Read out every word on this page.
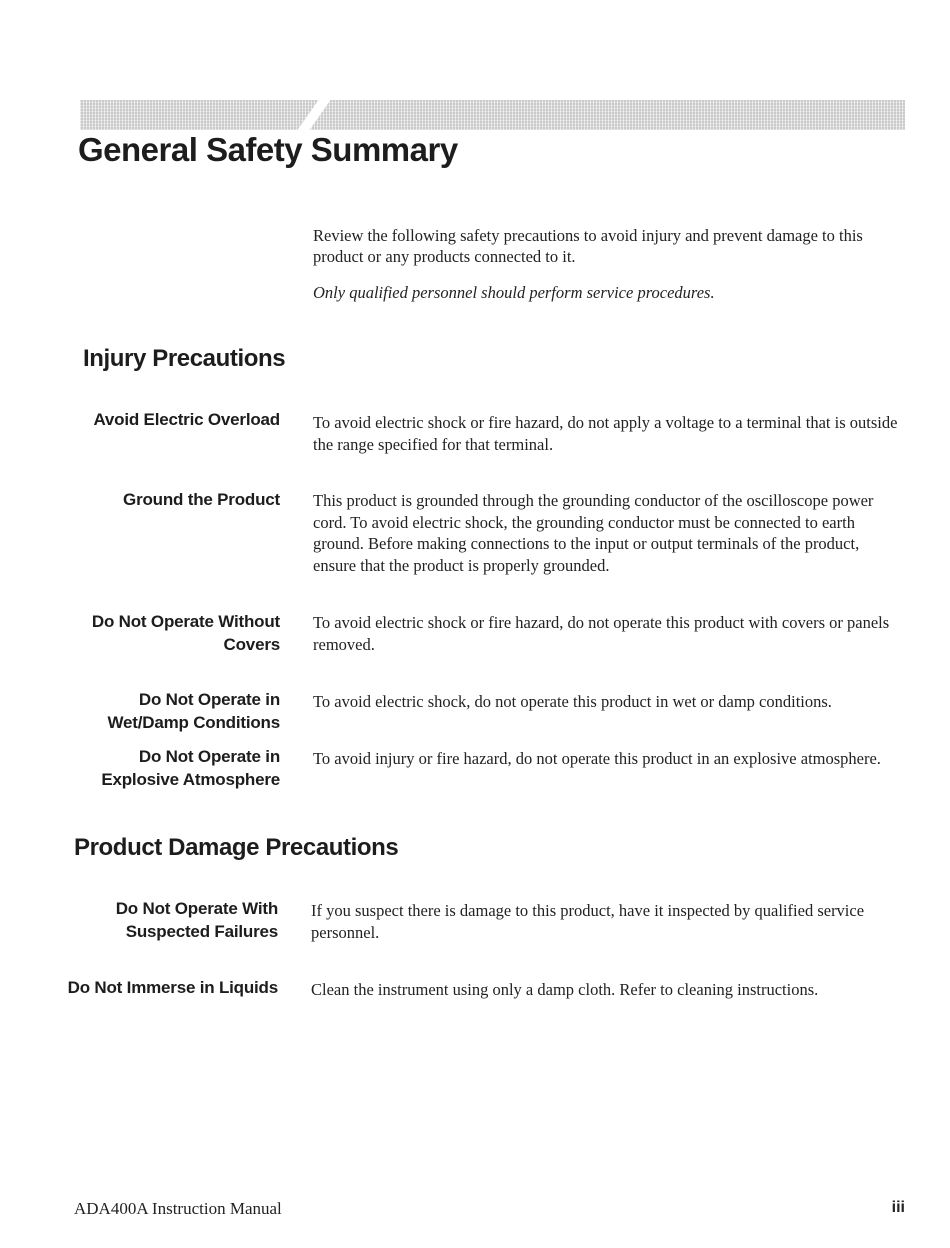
General Safety Summary

Review the following safety precautions to avoid injury and prevent damage to this product or any products connected to it.

Only qualified personnel should perform service procedures.

Injury Precautions
Avoid Electric Overload To avoid electric shock or fire hazard, do not apply a voltage to a terminal that is outside the range specified for that terminal.
Ground the Product This product is grounded through the grounding conductor of the oscilloscope power cord. To avoid electric shock, the grounding conductor must be connected to earth ground. Before making connections to the input or output terminals of the product, ensure that the product is properly grounded.
Do Not Operate Without Covers
To avoid electric shock or fire hazard, do not operate this product with covers or panels removed.
Do Not Operate in Wet/Damp Conditions
To avoid electric shock, do not operate this product in wet or damp conditions.
Do Not Operate in Explosive Atmosphere
To avoid injury or fire hazard, do not operate this product in an explosive atmosphere.
Product Damage Precautions
Do Not Operate With Suspected Failures
If you suspect there is damage to this product, have it inspected by qualified service personnel.
Do Not Immerse in Liquids Clean the instrument using only a damp cloth. Refer to cleaning instructions.
ADA400A Instruction Manual	iii
